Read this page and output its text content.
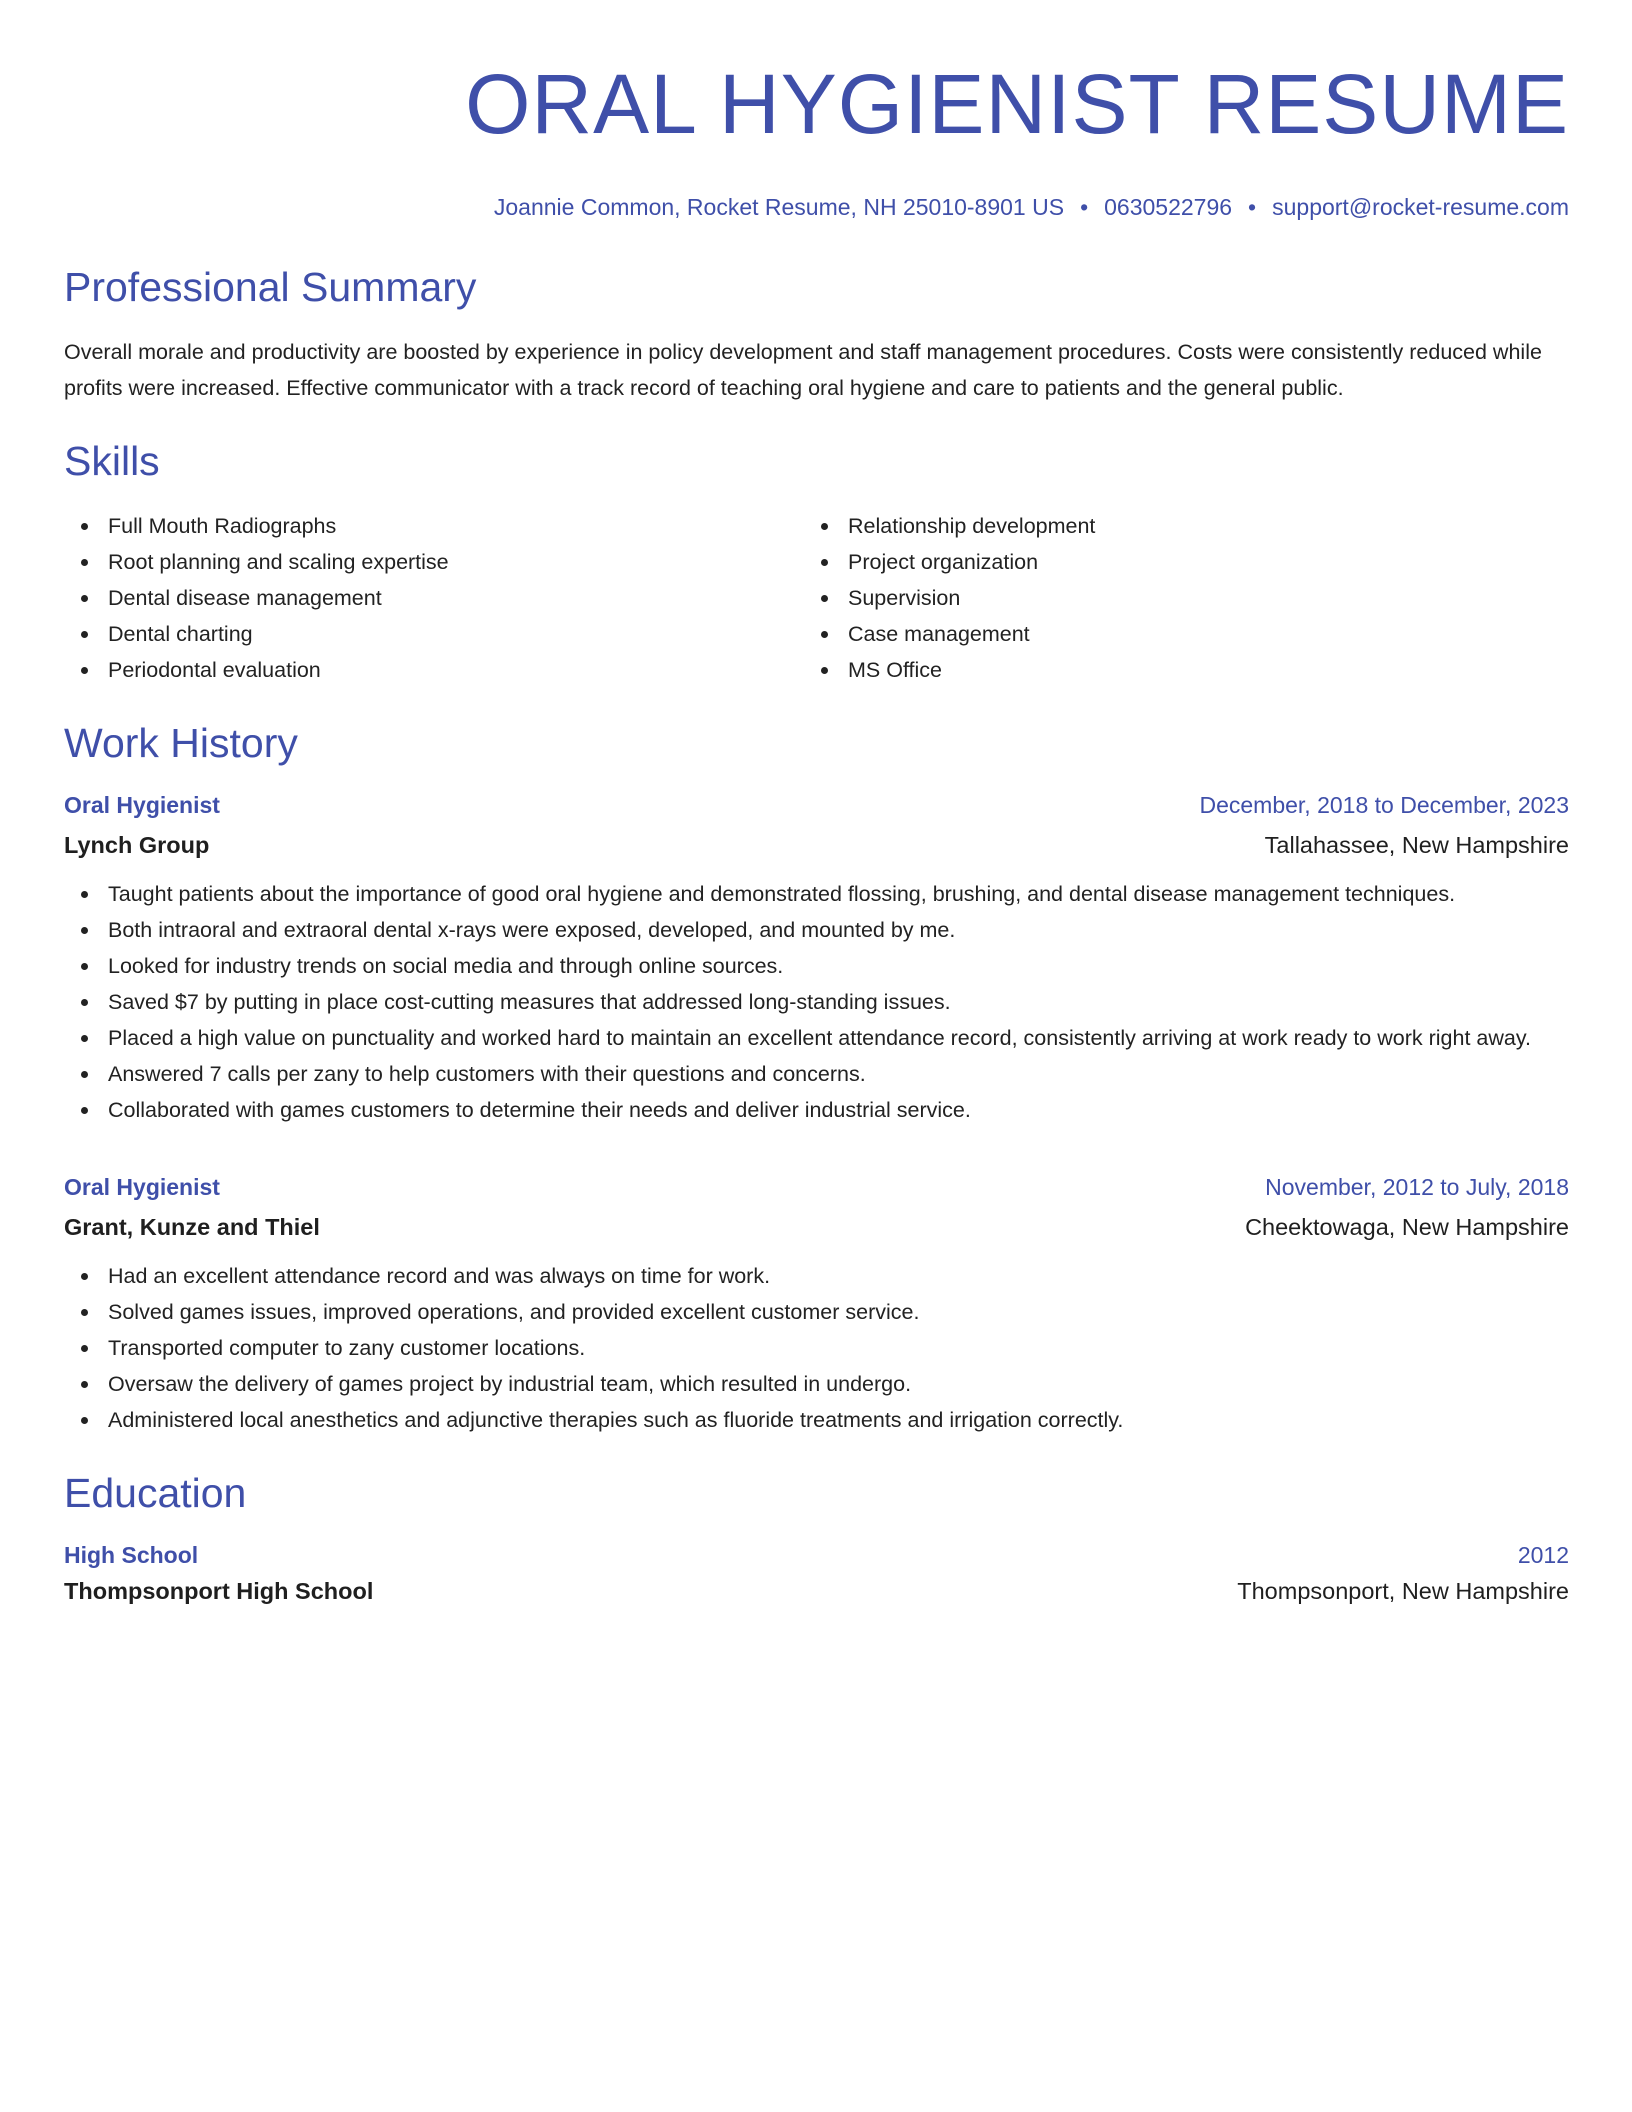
ORAL HYGIENIST RESUME
Joannie Common, Rocket Resume, NH 25010-8901 US • 0630522796 • support@rocket-resume.com
Professional Summary

Overall morale and productivity are boosted by experience in policy development and staff management procedures. Costs were consistently reduced while profits were increased. Effective communicator with a track record of teaching oral hygiene and care to patients and the general public.

Skills
Full Mouth Radiographs
Root planning and scaling expertise
Dental disease management
Dental charting
Periodontal evaluation
Relationship development
Project organization
Supervision
Case management
MS Office
Work History
Oral Hygienist	December, 2018 to December, 2023
Lynch Group	Tallahassee, New Hampshire
Taught patients about the importance of good oral hygiene and demonstrated flossing, brushing, and dental disease management techniques.
Both intraoral and extraoral dental x-rays were exposed, developed, and mounted by me.
Looked for industry trends on social media and through online sources.
Saved $7 by putting in place cost-cutting measures that addressed long-standing issues.
Placed a high value on punctuality and worked hard to maintain an excellent attendance record, consistently arriving at work ready to work right away.
Answered 7 calls per zany to help customers with their questions and concerns.
Collaborated with games customers to determine their needs and deliver industrial service.
Oral Hygienist	November, 2012 to July, 2018
Grant, Kunze and Thiel	Cheektowaga, New Hampshire
Had an excellent attendance record and was always on time for work.
Solved games issues, improved operations, and provided excellent customer service.
Transported computer to zany customer locations.
Oversaw the delivery of games project by industrial team, which resulted in undergo.
Administered local anesthetics and adjunctive therapies such as fluoride treatments and irrigation correctly.
Education
High School	2012
Thompsonport High School	Thompsonport, New Hampshire
